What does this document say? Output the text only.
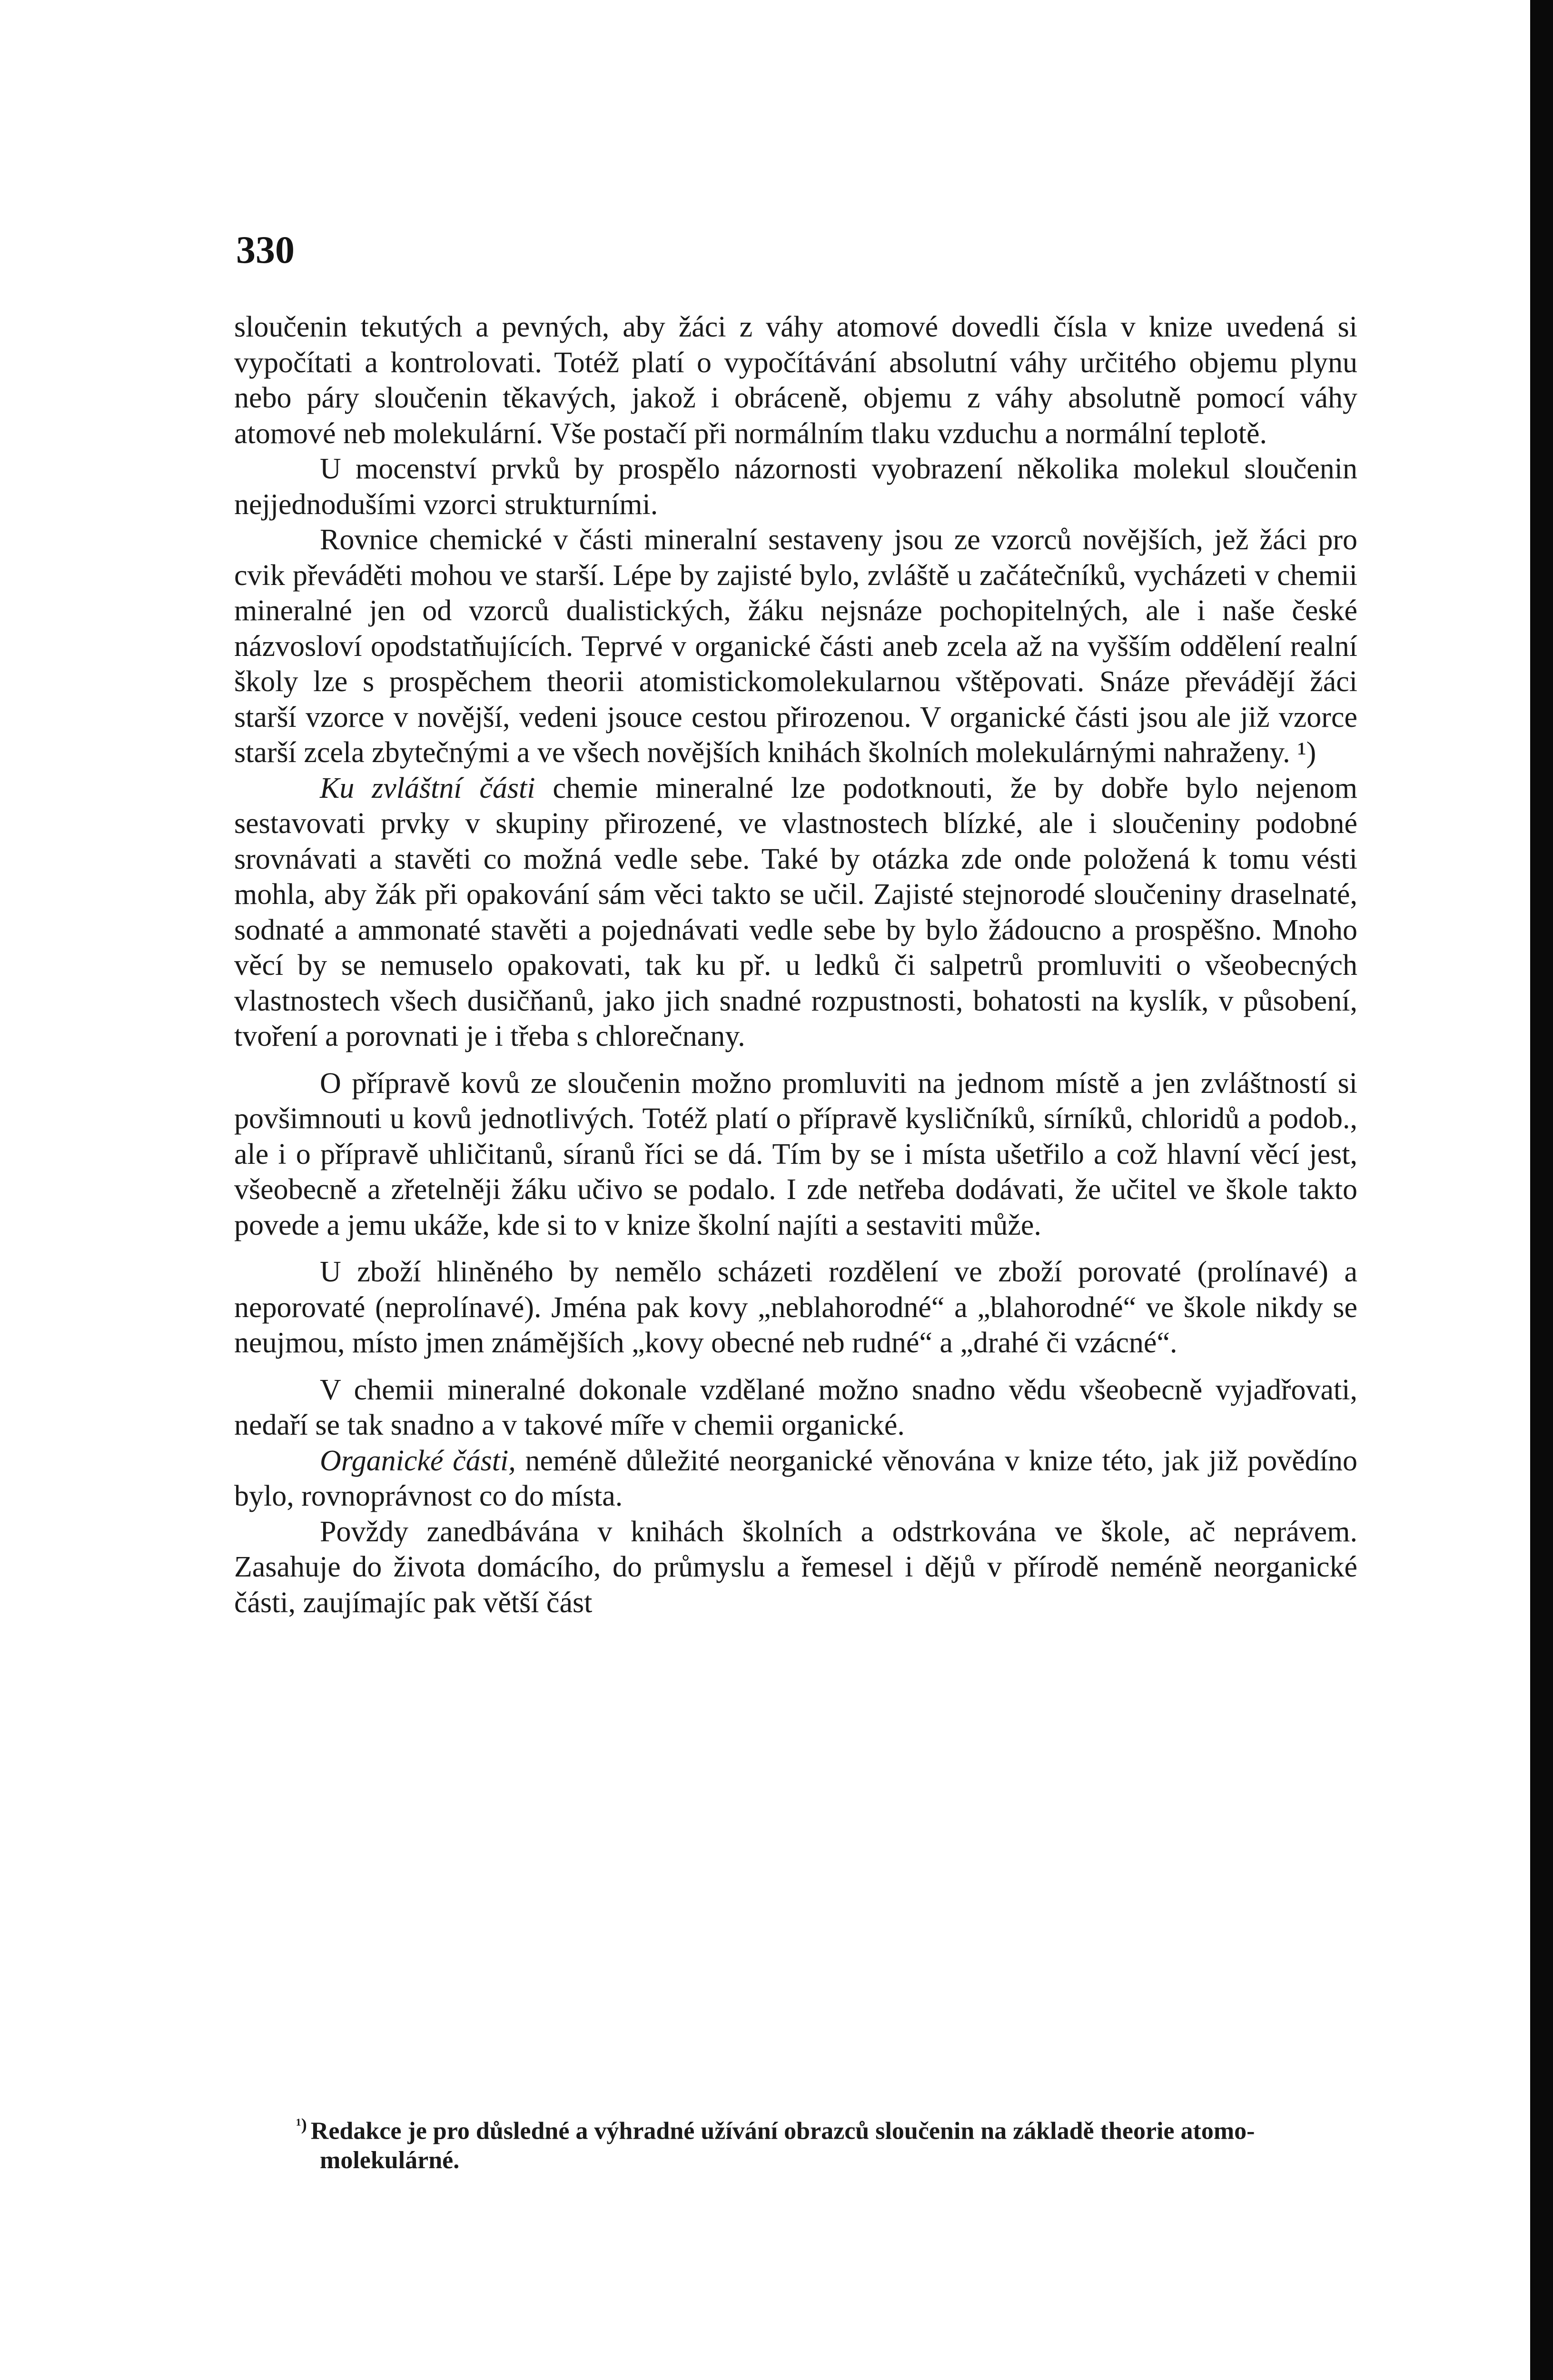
330

sloučenin tekutých a pevných, aby žáci z váhy atomové dovedli čísla v knize uvedená si vypočítati a kontrolovati. Totéž platí o vypočítávání absolutní váhy určitého objemu plynu nebo páry sloučenin těkavých, jakož i obráceně, objemu z váhy absolutně pomocí váhy atomové neb molekulární. Vše postačí při normálním tlaku vzduchu a normální teplotě.

U mocenství prvků by prospělo názornosti vyobrazení několika molekul sloučenin nejjednodušími vzorci strukturními.

Rovnice chemické v části mineralní sestaveny jsou ze vzorců novějších, jež žáci pro cvik převáděti mohou ve starší. Lépe by zajisté bylo, zvláště u začátečníků, vycházeti v chemii mineralné jen od vzorců dualistických, žáku nejsnáze pochopitelných, ale i naše české názvosloví opodstatňujících. Teprvé v organické části aneb zcela až na vyšším oddělení realní školy lze s prospěchem theorii atomistickomolekularnou vštěpovati. Snáze převádějí žáci starší vzorce v novější, vedeni jsouce cestou přirozenou. V organické části jsou ale již vzorce starší zcela zbytečnými a ve všech novějších knihách školních molekulárnými nahraženy. ¹)

Ku zvláštní části chemie mineralné lze podotknouti, že by dobře bylo nejenom sestavovati prvky v skupiny přirozené, ve vlastnostech blízké, ale i sloučeniny podobné srovnávati a stavěti co možná vedle sebe. Také by otázka zde onde položená k tomu vésti mohla, aby žák při opakování sám věci takto se učil. Zajisté stejnorodé sloučeniny draselnaté, sodnaté a ammonaté stavěti a pojednávati vedle sebe by bylo žádoucno a prospěšno. Mnoho věcí by se nemuselo opakovati, tak ku př. u ledků či salpetrů promluviti o všeobecných vlastnostech všech dusičňanů, jako jich snadné rozpustnosti, bohatosti na kyslík, v působení, tvoření a porovnati je i třeba s chlorečnany.

O přípravě kovů ze sloučenin možno promluviti na jednom místě a jen zvláštností si povšimnouti u kovů jednotlivých. Totéž platí o přípravě kysličníků, sírníků, chloridů a podob., ale i o přípravě uhličitanů, síranů říci se dá. Tím by se i místa ušetřilo a což hlavní věcí jest, všeobecně a zřetelněji žáku učivo se podalo. I zde netřeba dodávati, že učitel ve škole takto povede a jemu ukáže, kde si to v knize školní najíti a sestaviti může.

U zboží hliněného by nemělo scházeti rozdělení ve zboží porovaté (prolínavé) a neporovaté (neprolínavé). Jména pak kovy „neblahorodné“ a „blahorodné“ ve škole nikdy se neujmou, místo jmen známějších „kovy obecné neb rudné“ a „drahé či vzácné“.

V chemii mineralné dokonale vzdělané možno snadno vědu všeobecně vyjadřovati, nedaří se tak snadno a v takové míře v chemii organické.

Organické části, neméně důležité neorganické věnována v knize této, jak již povědíno bylo, rovnoprávnost co do místa.

Povždy zanedbávána v knihách školních a odstrkována ve škole, ač neprávem. Zasahuje do života domácího, do průmyslu a řemesel i dějů v přírodě neméně neorganické části, zaujímajíc pak větší část

$^{^1)}$ Redakce je pro důsledné a výhradné užívání obrazců sloučenin na základě theorie atomo-molekulárné.
